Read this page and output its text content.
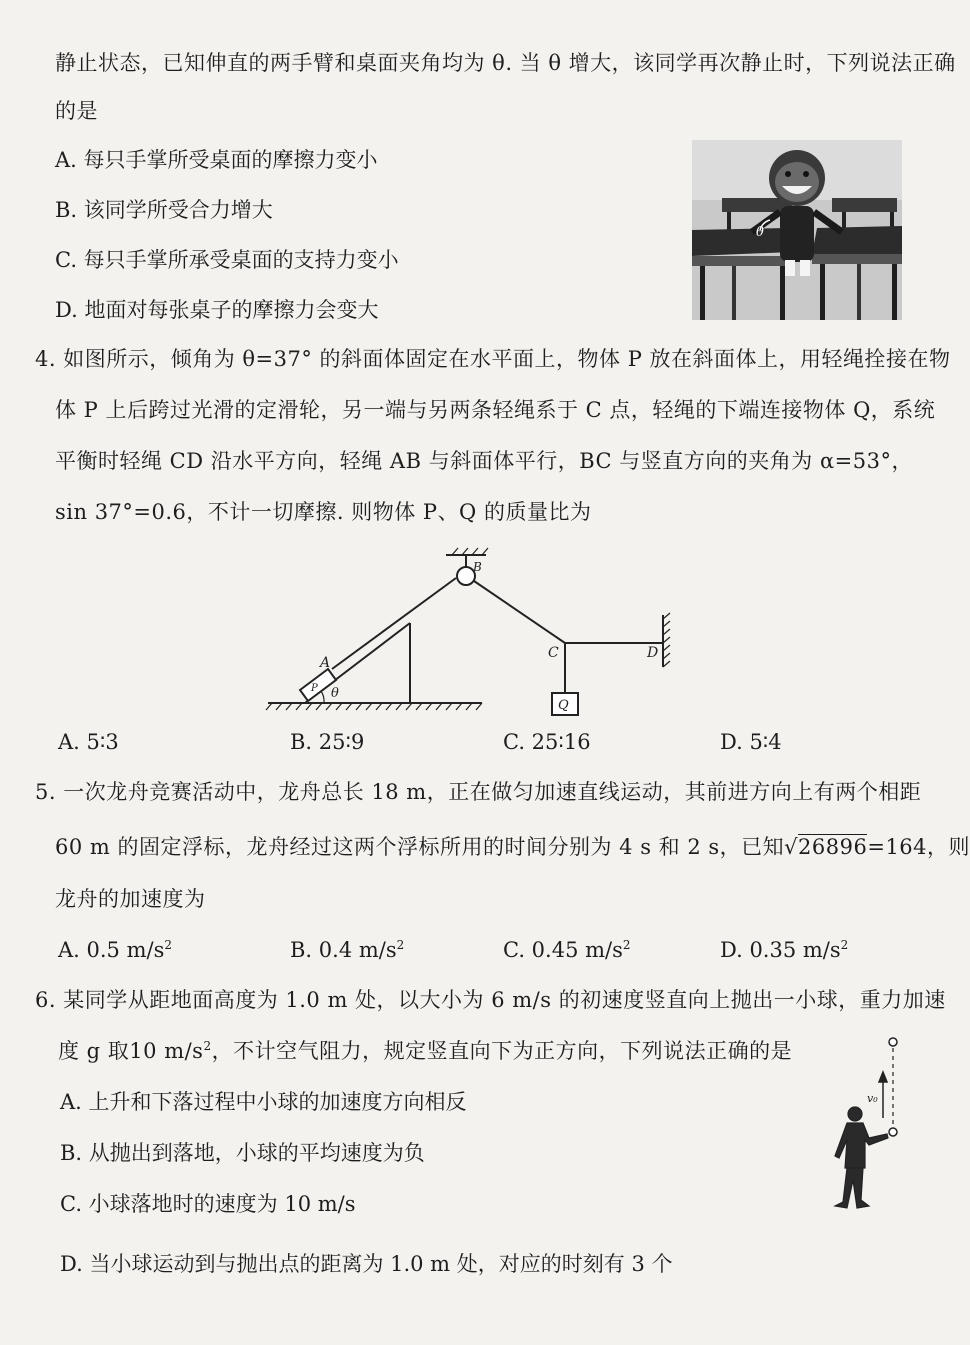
静止状态，已知伸直的两手臂和桌面夹角均为 θ. 当 θ 增大，该同学再次静止时，下列说法正确
的是
A. 每只手掌所受桌面的摩擦力变小
B. 该同学所受合力增大
C. 每只手掌所承受桌面的支持力变小
D. 地面对每张桌子的摩擦力会变大
θ
4. 如图所示，倾角为 θ=37° 的斜面体固定在水平面上，物体 P 放在斜面体上，用轻绳拴接在物
体 P 上后跨过光滑的定滑轮，另一端与另两条轻绳系于 C 点，轻绳的下端连接物体 Q，系统
平衡时轻绳 CD 沿水平方向，轻绳 AB 与斜面体平行，BC 与竖直方向的夹角为 α=53°，
sin 37°=0.6，不计一切摩擦. 则物体 P、Q 的质量比为
A
P
B
C	D
Q
θ
A. 5∶3	B. 25∶9	C. 25∶16	D. 5∶4
5. 一次龙舟竞赛活动中，龙舟总长 18 m，正在做匀加速直线运动，其前进方向上有两个相距
60 m 的固定浮标，龙舟经过这两个浮标所用的时间分别为 4 s 和 2 s，已知√26896=164，则
龙舟的加速度为
A. 0.5 $m/s^2$	B. 0.4 $m/s^2$	C. 0.45 $m/s^2$	D. 0.35 $m/s^2$
6. 某同学从距地面高度为 1.0 m 处，以大小为 6 m/s 的初速度竖直向上抛出一小球，重力加速
度 g 取10 $m/s^2$，不计空气阻力，规定竖直向下为正方向，下列说法正确的是
A. 上升和下落过程中小球的加速度方向相反
B. 从抛出到落地，小球的平均速度为负
C. 小球落地时的速度为 10 m/s
D. 当小球运动到与抛出点的距离为 1.0 m 处，对应的时刻有 3 个
v₀
